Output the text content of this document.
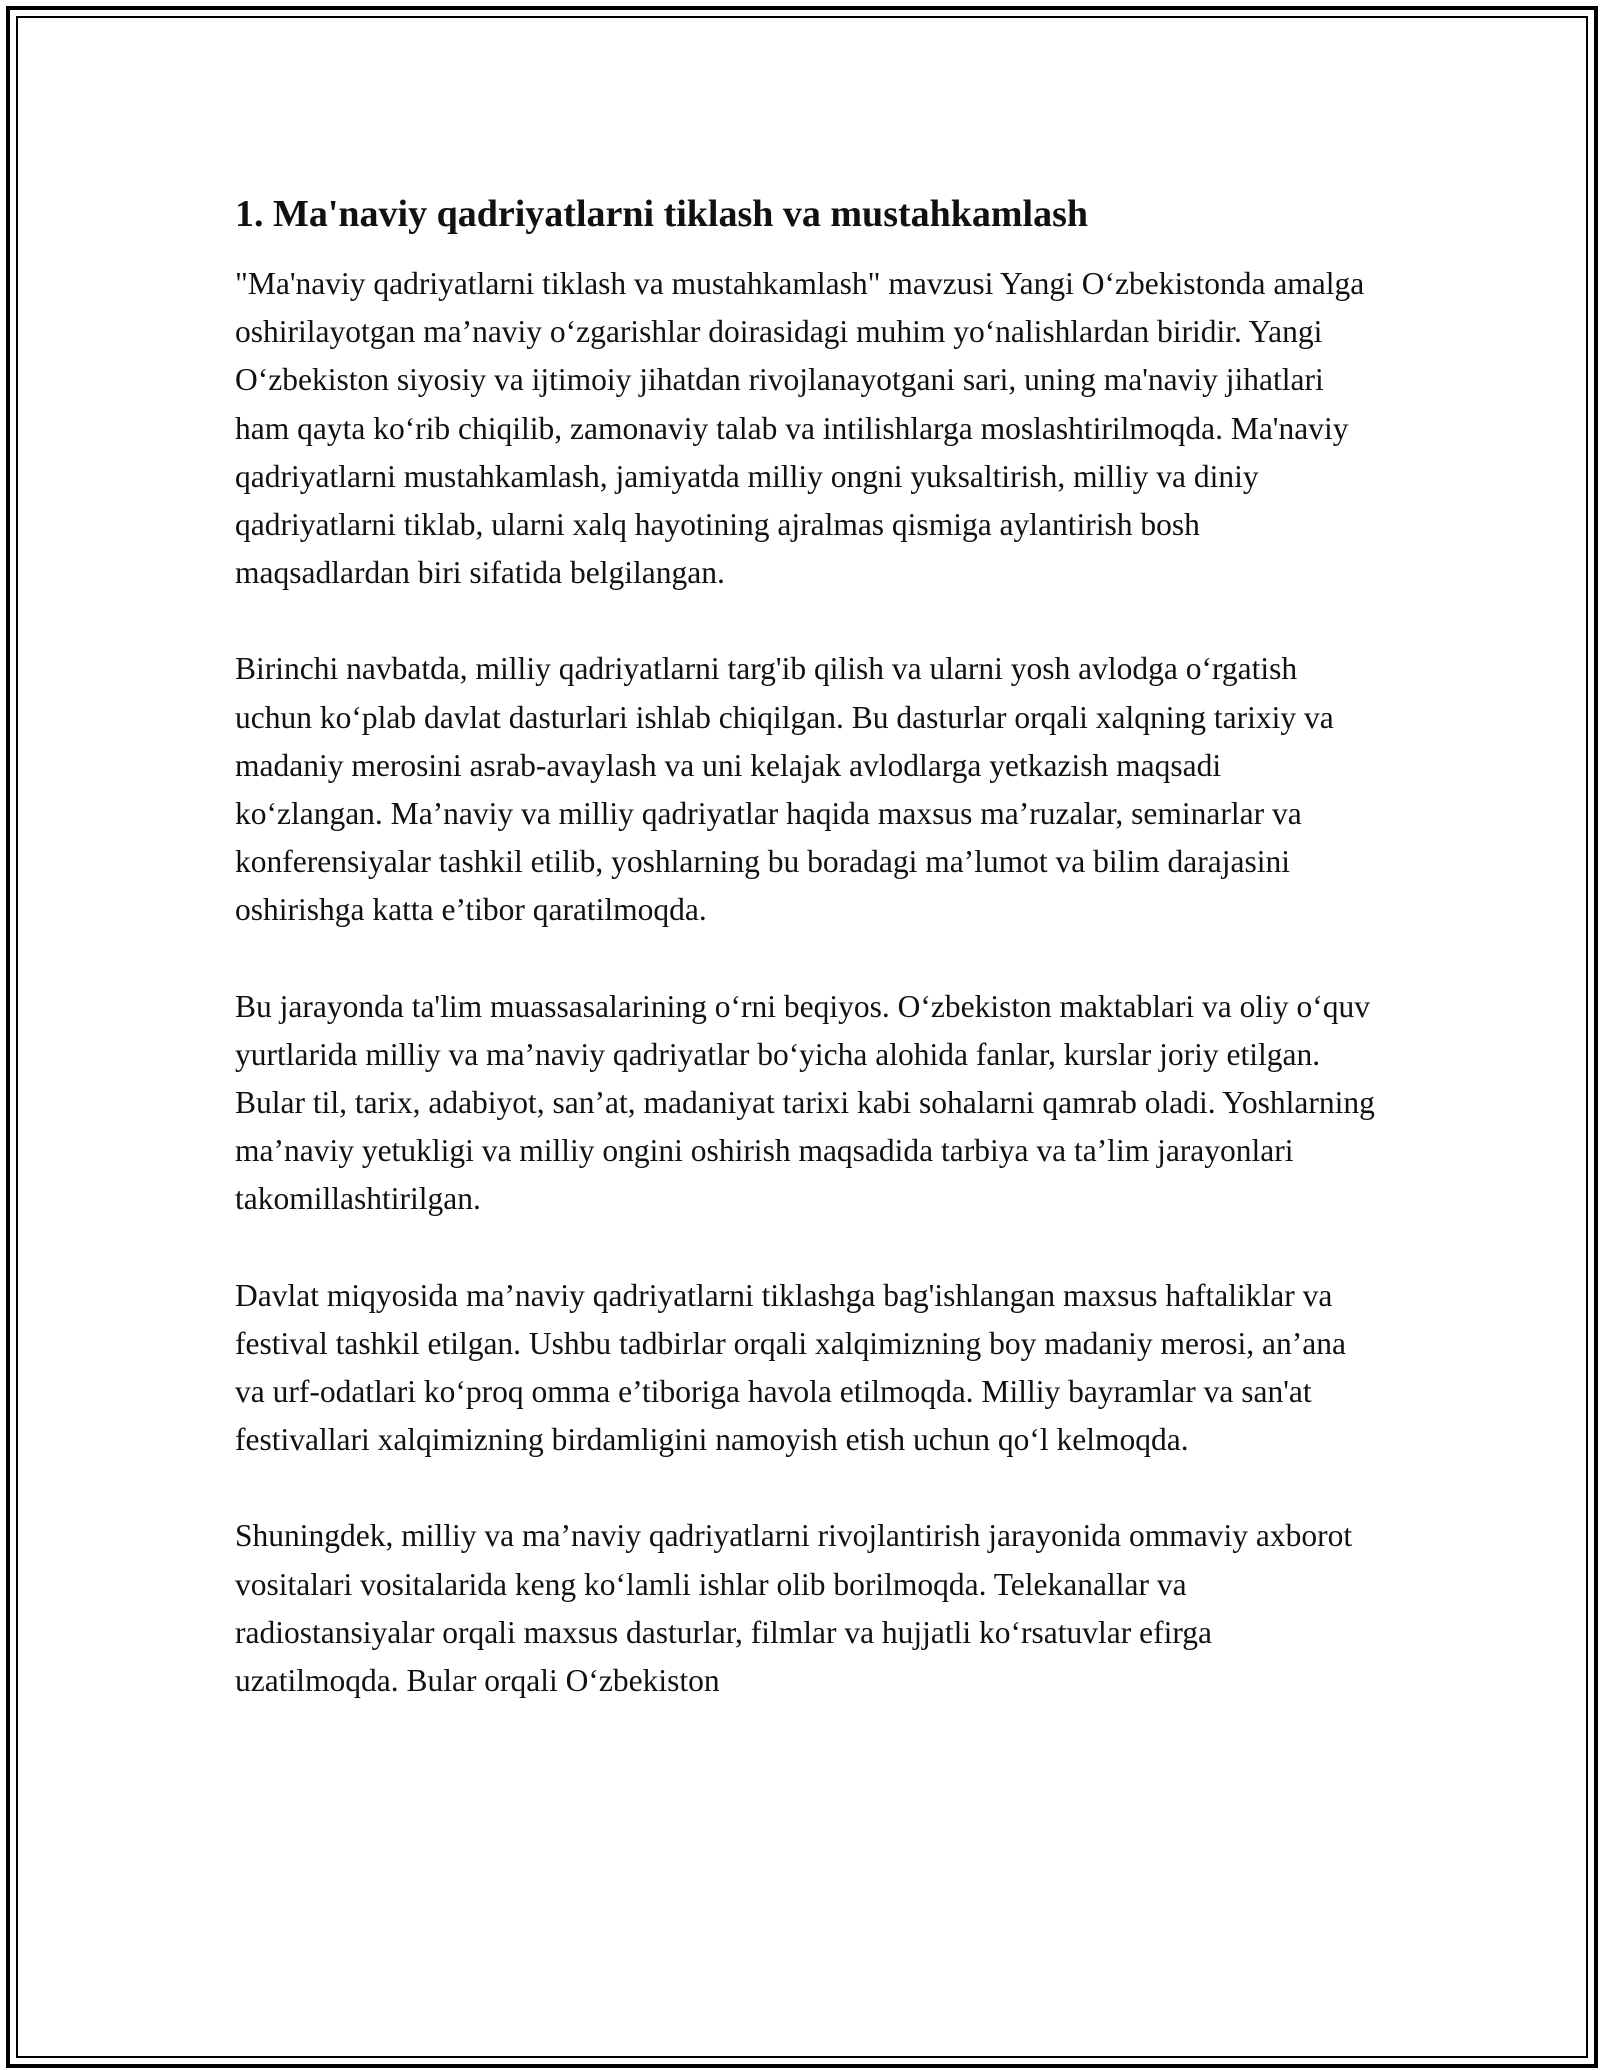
1. Ma'naviy qadriyatlarni tiklash va mustahkamlash

"Ma'naviy qadriyatlarni tiklash va mustahkamlash" mavzusi Yangi O‘zbekistonda amalga oshirilayotgan ma’naviy o‘zgarishlar doirasidagi muhim yo‘nalishlardan biridir. Yangi O‘zbekiston siyosiy va ijtimoiy jihatdan rivojlanayotgani sari, uning ma'naviy jihatlari ham qayta ko‘rib chiqilib, zamonaviy talab va intilishlarga moslashtirilmoqda. Ma'naviy qadriyatlarni mustahkamlash, jamiyatda milliy ongni yuksaltirish, milliy va diniy qadriyatlarni tiklab, ularni xalq hayotining ajralmas qismiga aylantirish bosh maqsadlardan biri sifatida belgilangan.

Birinchi navbatda, milliy qadriyatlarni targ'ib qilish va ularni yosh avlodga o‘rgatish uchun ko‘plab davlat dasturlari ishlab chiqilgan. Bu dasturlar orqali xalqning tarixiy va madaniy merosini asrab-avaylash va uni kelajak avlodlarga yetkazish maqsadi ko‘zlangan. Ma’naviy va milliy qadriyatlar haqida maxsus ma’ruzalar, seminarlar va konferensiyalar tashkil etilib, yoshlarning bu boradagi ma’lumot va bilim darajasini oshirishga katta e’tibor qaratilmoqda.

Bu jarayonda ta'lim muassasalarining o‘rni beqiyos. O‘zbekiston maktablari va oliy o‘quv yurtlarida milliy va ma’naviy qadriyatlar bo‘yicha alohida fanlar, kurslar joriy etilgan. Bular til, tarix, adabiyot, san’at, madaniyat tarixi kabi sohalarni qamrab oladi. Yoshlarning ma’naviy yetukligi va milliy ongini oshirish maqsadida tarbiya va ta’lim jarayonlari takomillashtirilgan.

Davlat miqyosida ma’naviy qadriyatlarni tiklashga bag'ishlangan maxsus haftaliklar va festival tashkil etilgan. Ushbu tadbirlar orqali xalqimizning boy madaniy merosi, an’ana va urf-odatlari ko‘proq omma e’tiboriga havola etilmoqda. Milliy bayramlar va san'at festivallari xalqimizning birdamligini namoyish etish uchun qo‘l kelmoqda.

Shuningdek, milliy va ma’naviy qadriyatlarni rivojlantirish jarayonida ommaviy axborot vositalari vositalarida keng ko‘lamli ishlar olib borilmoqda. Telekanallar va radiostansiyalar orqali maxsus dasturlar, filmlar va hujjatli ko‘rsatuvlar efirga uzatilmoqda. Bular orqali O‘zbekiston
